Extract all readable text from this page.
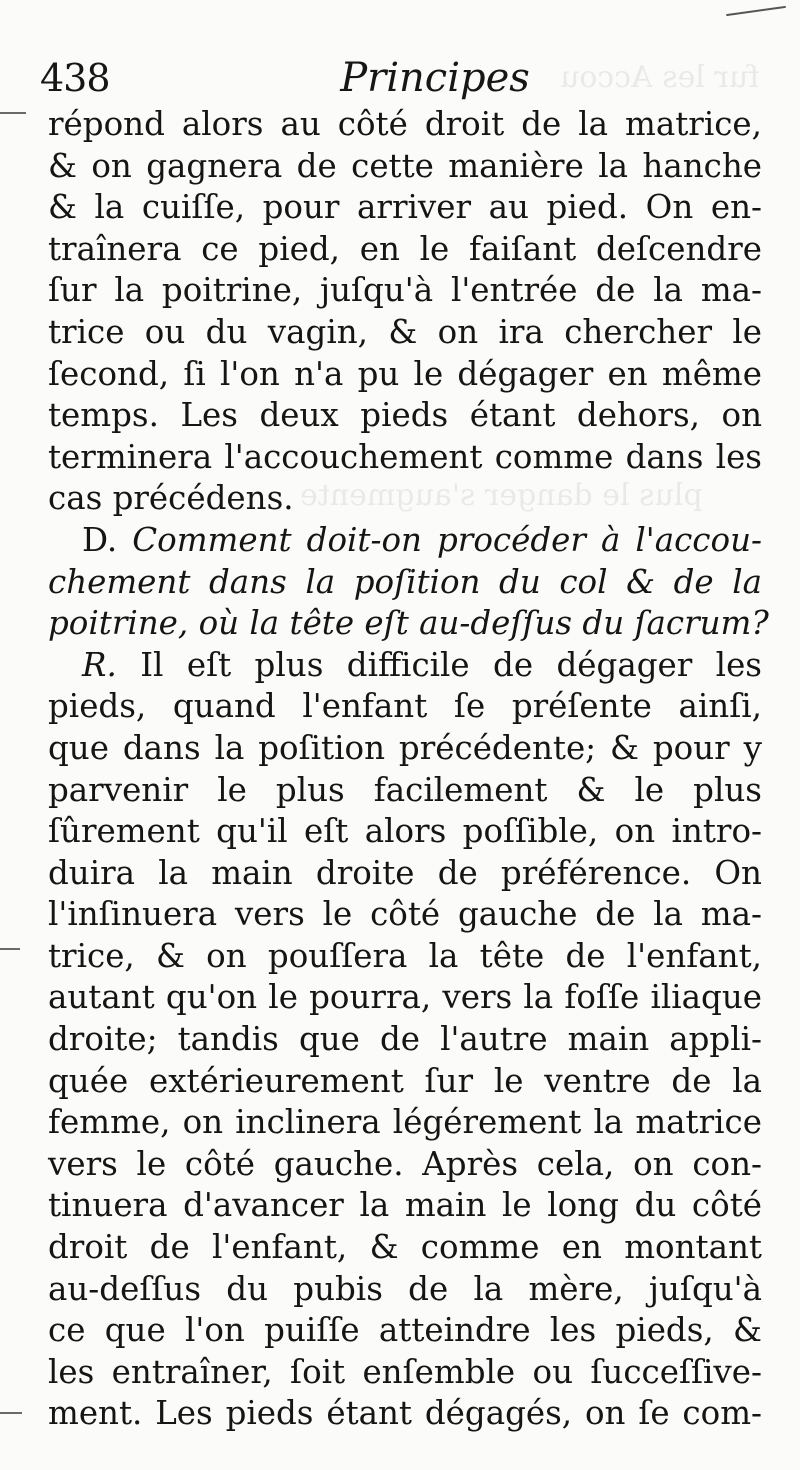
fur les Accou
plus le danger s'augmente
438	Principes
répond alors au côté droit de la matrice,
& on gagnera de cette manière la hanche
& la cuiſſe, pour arriver au pied. On en-
traînera ce pied, en le faiſant deſcendre
ſur la poitrine, juſqu'à l'entrée de la ma-
trice ou du vagin, & on ira chercher le
ſecond, ſi l'on n'a pu le dégager en même
temps. Les deux pieds étant dehors, on
terminera l'accouchement comme dans les
cas précédens.
D. Comment doit-on procéder à l'accou-
chement dans la poſition du col & de la
poitrine, où la tête eſt au-deſſus du ſacrum?
R. Il eſt plus difficile de dégager les
pieds, quand l'enfant ſe préſente ainſi,
que dans la poſition précédente; & pour y
parvenir le plus facilement & le plus
ſûrement qu'il eſt alors poſſible, on intro-
duira la main droite de préférence. On
l'inſinuera vers le côté gauche de la ma-
trice, & on pouſſera la tête de l'enfant,
autant qu'on le pourra, vers la foſſe iliaque
droite; tandis que de l'autre main appli-
quée extérieurement ſur le ventre de la
femme, on inclinera légérement la matrice
vers le côté gauche. Après cela, on con-
tinuera d'avancer la main le long du côté
droit de l'enfant, & comme en montant
au-deſſus du pubis de la mère, juſqu'à
ce que l'on puiſſe atteindre les pieds, &
les entraîner, ſoit enſemble ou ſucceſſive-
ment. Les pieds étant dégagés, on ſe com-
